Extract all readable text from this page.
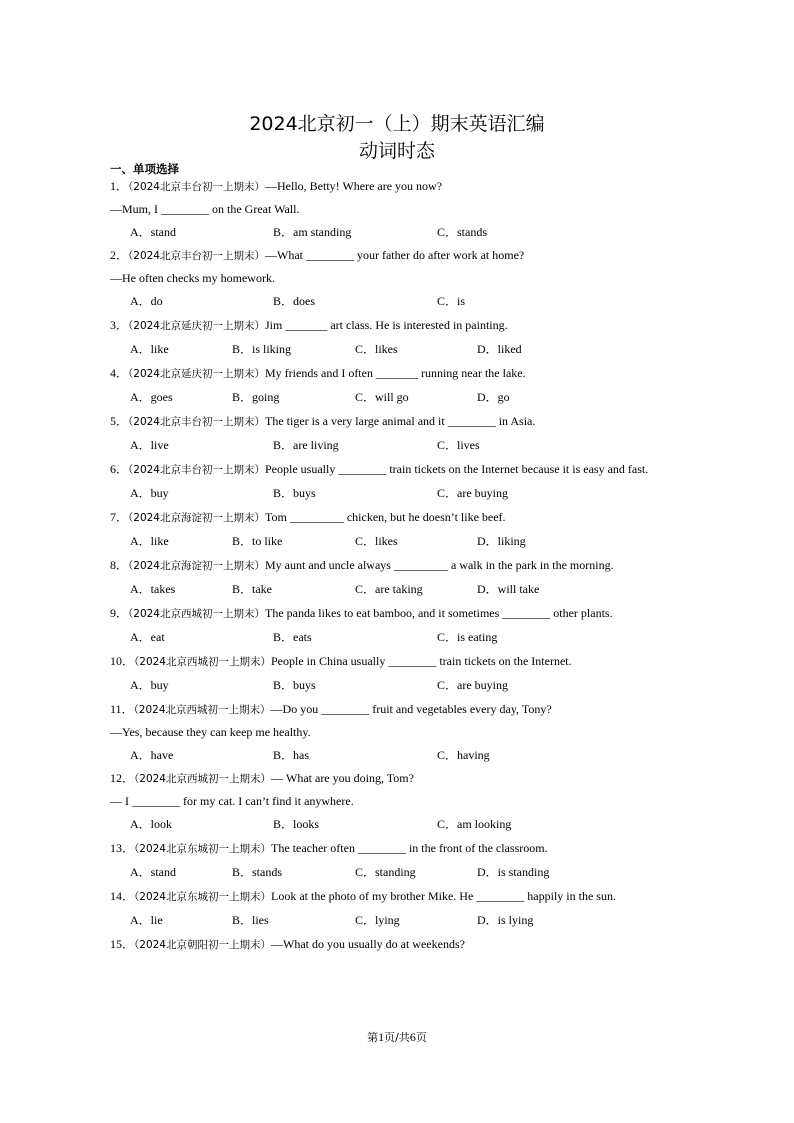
2024北京初一（上）期末英语汇编
动词时态
一、单项选择
1．（2024北京丰台初一上期末）—Hello, Betty! Where are you now?
—Mum, I ________ on the Great Wall.
A．stand	B．am standing	C．stands
2．（2024北京丰台初一上期末）—What ________ your father do after work at home?
—He often checks my homework.
A．do	B．does	C．is
3．（2024北京延庆初一上期末）Jim _______ art class. He is interested in painting.
A．like	B．is liking	C．likes	D．liked
4．（2024北京延庆初一上期末）My friends and I often _______ running near the lake.
A．goes	B．going	C．will go	D．go
5．（2024北京丰台初一上期末）The tiger is a very large animal and it ________ in Asia.
A．live	B．are living	C．lives
6．（2024北京丰台初一上期末）People usually ________ train tickets on the Internet because it is easy and fast.
A．buy	B．buys	C．are buying
7．（2024北京海淀初一上期末）Tom _________ chicken, but he doesn’t like beef.
A．like	B．to like	C．likes	D．liking
8．（2024北京海淀初一上期末）My aunt and uncle always _________ a walk in the park in the morning.
A．takes	B．take	C．are taking	D．will take
9．（2024北京西城初一上期末）The panda likes to eat bamboo, and it sometimes ________ other plants.
A．eat	B．eats	C．is eating
10．（2024北京西城初一上期末）People in China usually ________ train tickets on the Internet.
A．buy	B．buys	C．are buying
11．（2024北京西城初一上期末）—Do you ________ fruit and vegetables every day, Tony?
—Yes, because they can keep me healthy.
A．have	B．has	C．having
12．（2024北京西城初一上期末）— What are you doing, Tom?
— I ________ for my cat. I can’t find it anywhere.
A．look	B．looks	C．am looking
13．（2024北京东城初一上期末）The teacher often ________ in the front of the classroom.
A．stand	B．stands	C．standing	D．is standing
14．（2024北京东城初一上期末）Look at the photo of my brother Mike. He ________ happily in the sun.
A．lie	B．lies	C．lying	D．is lying
15．（2024北京朝阳初一上期末）—What do you usually do at weekends?
第1页/共6页
